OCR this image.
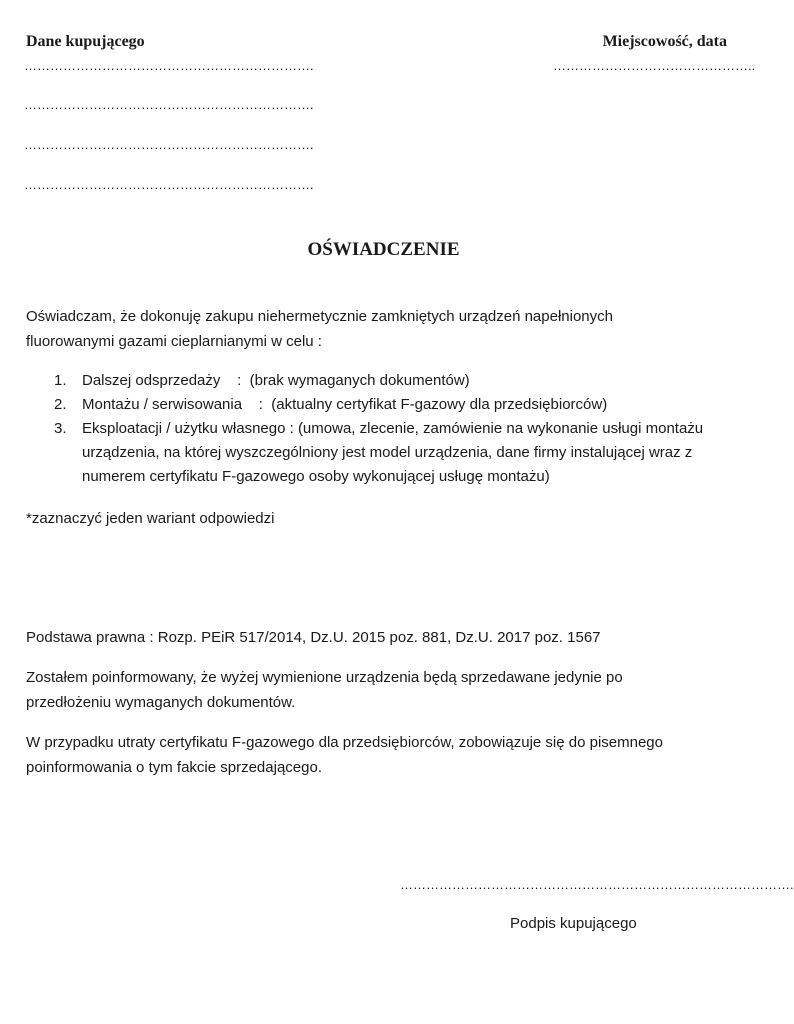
Dane kupującego	Miejscowość, data
………………………………………………………….	………………………………………..
………………………………………………………….
………………………………………………………….
………………………………………………………….
OŚWIADCZENIE
Oświadczam, że dokonuję zakupu niehermetycznie zamkniętych urządzeń napełnionych fluorowanymi gazami cieplarnianymi w celu :
1. Dalszej odsprzedaży    :  (brak wymaganych dokumentów)
2. Montażu / serwisowania    :  (aktualny certyfikat F-gazowy dla przedsiębiorców)
3. Eksploatacji / użytku własnego : (umowa, zlecenie, zamówienie na wykonanie usługi montażu urządzenia, na której wyszczególniony jest model urządzenia, dane firmy instalującej wraz z numerem certyfikatu F-gazowego osoby wykonującej usługę montażu)
*zaznaczyć jeden wariant odpowiedzi
Podstawa prawna : Rozp. PEiR 517/2014, Dz.U. 2015 poz. 881, Dz.U. 2017 poz. 1567
Zostałem poinformowany, że wyżej wymienione urządzenia będą sprzedawane jedynie po przedłożeniu wymaganych dokumentów.
W przypadku utraty certyfikatu F-gazowego dla przedsiębiorców, zobowiązuje się do pisemnego poinformowania o tym fakcie sprzedającego.
……………………………………………………………………………….
Podpis kupującego
